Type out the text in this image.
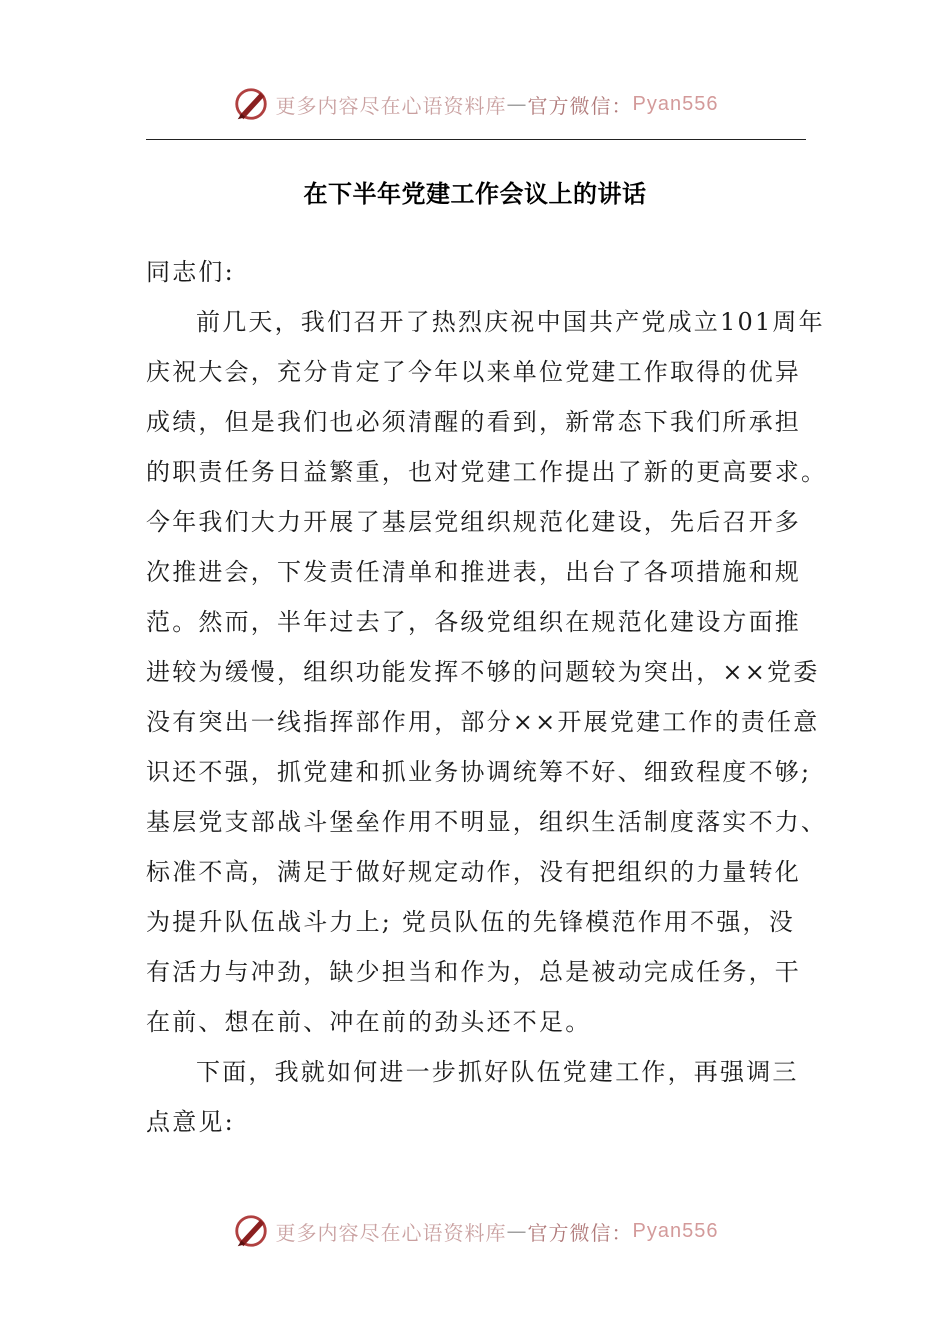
更多内容尽在心语资料库 — 官方微信： Pyan556
在下半年党建工作会议上的讲话
同志们:
前几天，我们召开了热烈庆祝中国共产党成立101周年
庆祝大会，充分肯定了今年以来单位党建工作取得的优异
成绩，但是我们也必须清醒的看到，新常态下我们所承担
的职责任务日益繁重，也对党建工作提出了新的更高要求。
今年我们大力开展了基层党组织规范化建设，先后召开多
次推进会，下发责任清单和推进表，出台了各项措施和规
范。然而，半年过去了，各级党组织在规范化建设方面推
进较为缓慢，组织功能发挥不够的问题较为突出，××党委
没有突出一线指挥部作用，部分××开展党建工作的责任意
识还不强，抓党建和抓业务协调统筹不好、细致程度不够;
基层党支部战斗堡垒作用不明显，组织生活制度落实不力、
标准不高，满足于做好规定动作，没有把组织的力量转化
为提升队伍战斗力上; 党员队伍的先锋模范作用不强，没
有活力与冲劲，缺少担当和作为，总是被动完成任务，干
在前、想在前、冲在前的劲头还不足。
下面，我就如何进一步抓好队伍党建工作，再强调三
点意见:
更多内容尽在心语资料库 — 官方微信： Pyan556
